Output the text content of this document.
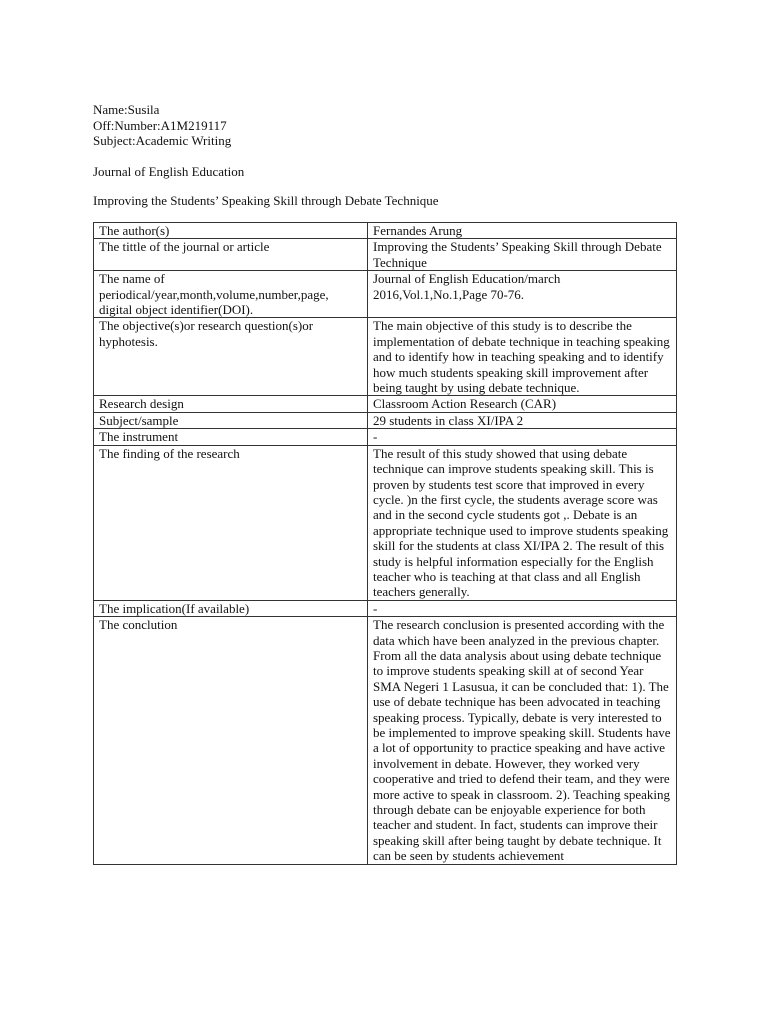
Name:Susila
Off:Number:A1M219117
Subject:Academic Writing
Journal of English Education
Improving the Students’ Speaking Skill through Debate Technique
The author(s)	Fernandes Arung
The tittle of the journal or article	Improving the Students’ Speaking Skill through Debate Technique
The name of periodical/year,month,volume,number,page, digital object identifier(DOI).	Journal of English Education/march 2016,Vol.1,No.1,Page 70-76.
The objective(s)or research question(s)or hyphotesis.	The main objective of this study is to describe the implementation of debate technique in teaching speaking and to identify how in teaching speaking and to identify how much students speaking skill improvement after being taught by using debate technique.
Research design	Classroom Action Research (CAR)
Subject/sample	29 students in class XI/IPA 2
The instrument	-
The finding of the research	The result of this study showed that using debate technique can improve students speaking skill. This is proven by students test score that improved in every cycle. )n the first cycle, the students average score was and in the second cycle students got ,. Debate is an appropriate technique used to improve students speaking skill for the students at class XI/IPA 2. The result of this study is helpful information especially for the English teacher who is teaching at that class and all English teachers generally.
The implication(If available)	-
The conclution	The research conclusion is presented according with the data which have been analyzed in the previous chapter. From all the data analysis about using debate technique to improve students speaking skill at of second Year SMA Negeri 1 Lasusua, it can be concluded that: 1). The use of debate technique has been advocated in teaching speaking process. Typically, debate is very interested to be implemented to improve speaking skill. Students have a lot of opportunity to practice speaking and have active involvement in debate. However, they worked very cooperative and tried to defend their team, and they were more active to speak in classroom. 2). Teaching speaking through debate can be enjoyable experience for both teacher and student. In fact, students can improve their speaking skill after being taught by debate technique. It can be seen by students achievement
